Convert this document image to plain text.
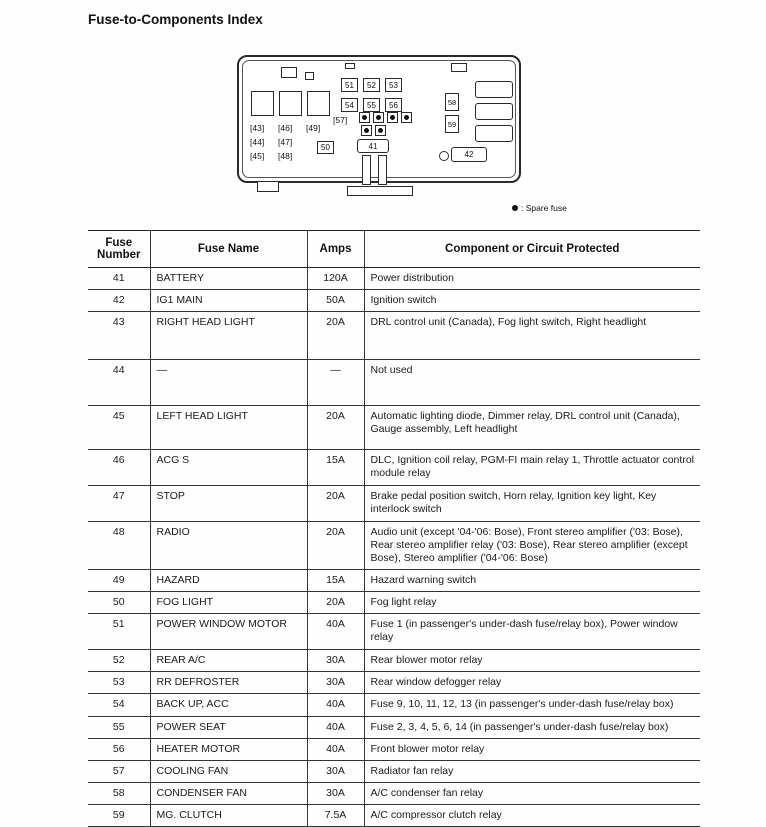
Fuse-to-Components Index
51	52	53
54	55	56
[57]
41
[43] [46] [49]
[44] [47]
50
[45] [48]
58
59
42
: Spare fuse
Fuse Number	Fuse Name	Amps	Component or Circuit Protected
41	BATTERY	120A	Power distribution
42	IG1 MAIN	50A	Ignition switch
43	RIGHT HEAD LIGHT	20A	DRL control unit (Canada), Fog light switch, Right headlight
44	—	—	Not used
45	LEFT HEAD LIGHT	20A	Automatic lighting diode, Dimmer relay, DRL control unit (Canada), Gauge assembly, Left headlight
46	ACG S	15A	DLC, Ignition coil relay, PGM-FI main relay 1, Throttle actuator control module relay
47	STOP	20A	Brake pedal position switch, Horn relay, Ignition key light, Key interlock switch
48	RADIO	20A	Audio unit (except '04-'06: Bose), Front stereo amplifier ('03: Bose), Rear stereo amplifier relay ('03: Bose), Rear stereo amplifier (except Bose), Stereo amplifier ('04-'06: Bose)
49	HAZARD	15A	Hazard warning switch
50	FOG LIGHT	20A	Fog light relay
51	POWER WINDOW MOTOR	40A	Fuse 1 (in passenger's under-dash fuse/relay box), Power window relay
52	REAR A/C	30A	Rear blower motor relay
53	RR DEFROSTER	30A	Rear window defogger relay
54	BACK UP, ACC	40A	Fuse 9, 10, 11, 12, 13 (in passenger's under-dash fuse/relay box)
55	POWER SEAT	40A	Fuse 2, 3, 4, 5, 6, 14 (in passenger's under-dash fuse/relay box)
56	HEATER MOTOR	40A	Front blower motor relay
57	COOLING FAN	30A	Radiator fan relay
58	CONDENSER FAN	30A	A/C condenser fan relay
59	MG. CLUTCH	7.5A	A/C compressor clutch relay
